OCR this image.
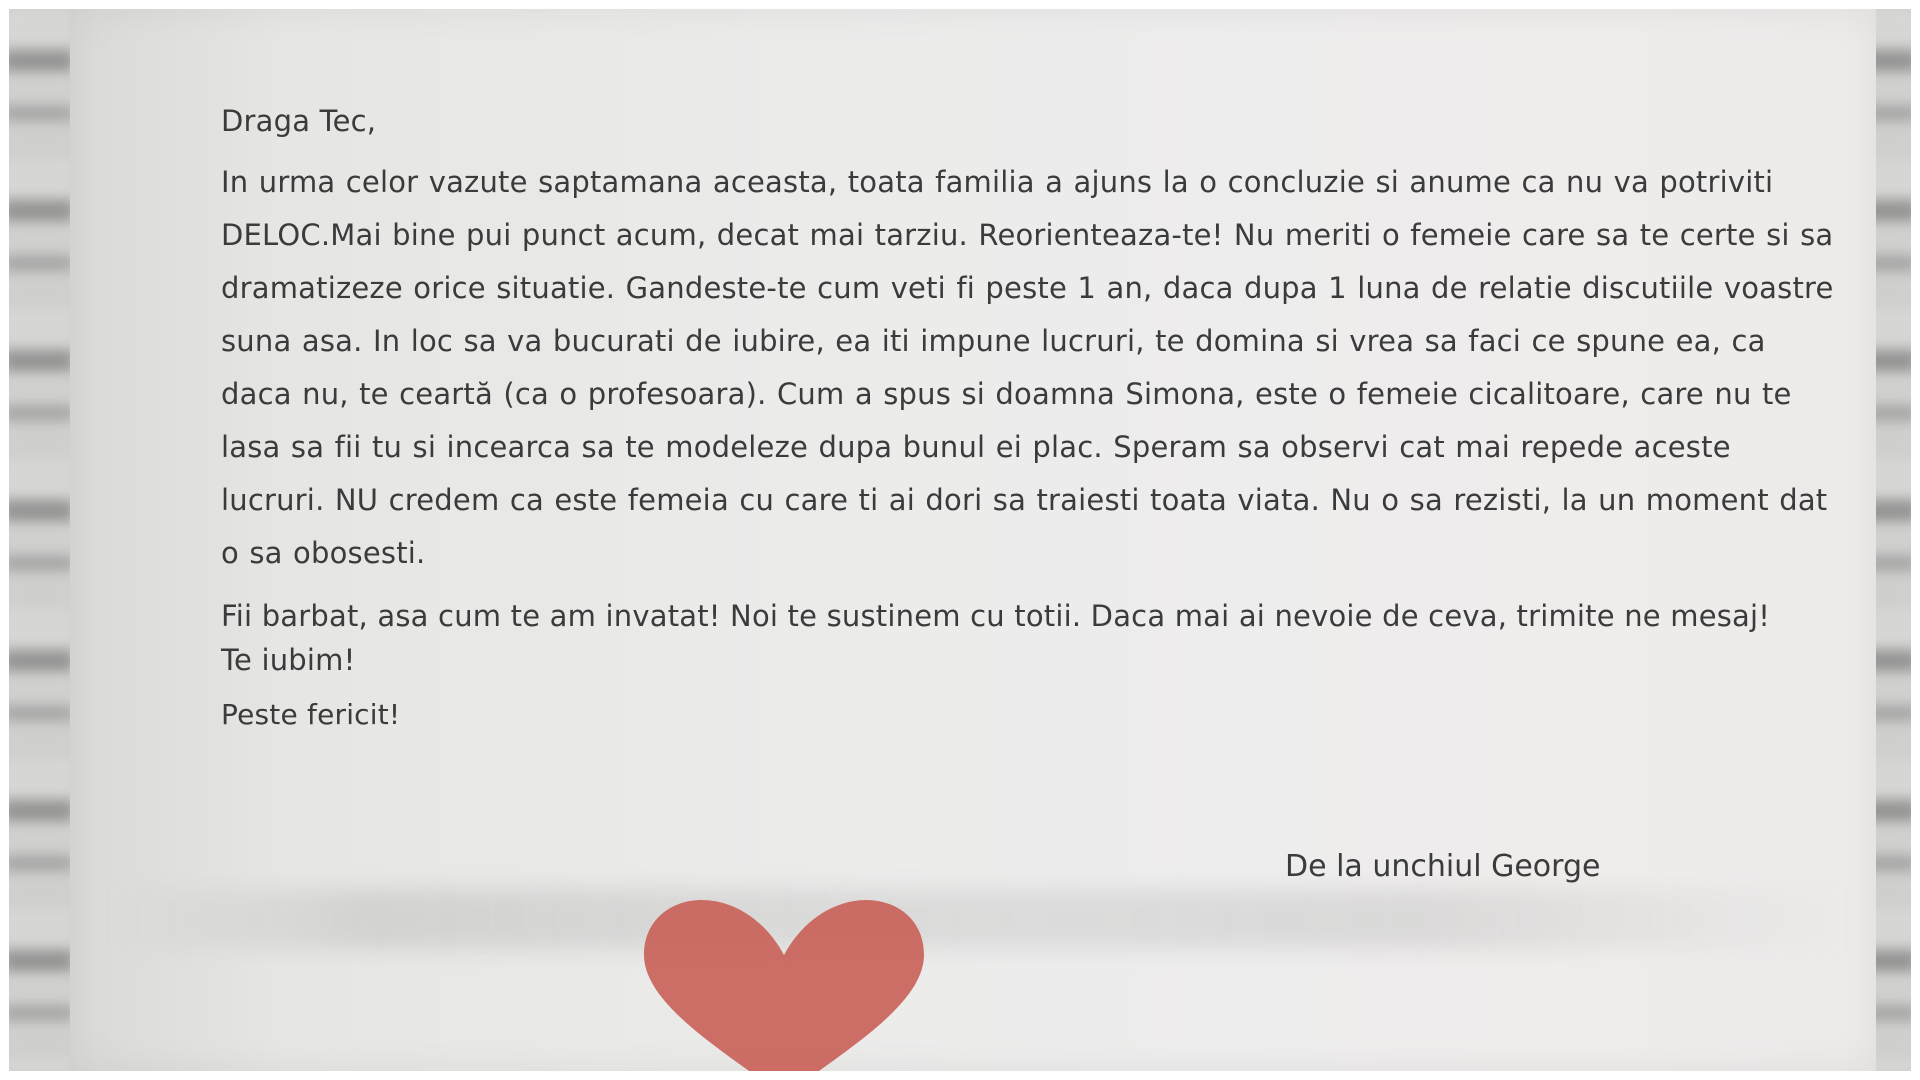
Draga Tec,

In urma celor vazute saptamana aceasta, toata familia a ajuns la o concluzie si anume ca nu va potriviti DELOC.Mai bine pui punct acum, decat mai tarziu. Reorienteaza-te! Nu meriti o femeie care sa te certe si sa dramatizeze orice situatie. Gandeste-te cum veti fi peste 1 an, daca dupa 1 luna de relatie discutiile voastre suna asa. In loc sa va bucurati de iubire, ea iti impune lucruri, te domina si vrea sa faci ce spune ea, ca daca nu, te ceartă (ca o profesoara). Cum a spus si doamna Simona, este o femeie cicalitoare, care nu te lasa sa fii tu si incearca sa te modeleze dupa bunul ei plac. Speram sa observi cat mai repede aceste lucruri. NU credem ca este femeia cu care ti ai dori sa traiesti toata viata. Nu o sa rezisti, la un moment dat o sa obosesti.

Fii barbat, asa cum te am invatat! Noi te sustinem cu totii. Daca mai ai nevoie de ceva, trimite ne mesaj! Te iubim!

Peste fericit!

De la unchiul George
